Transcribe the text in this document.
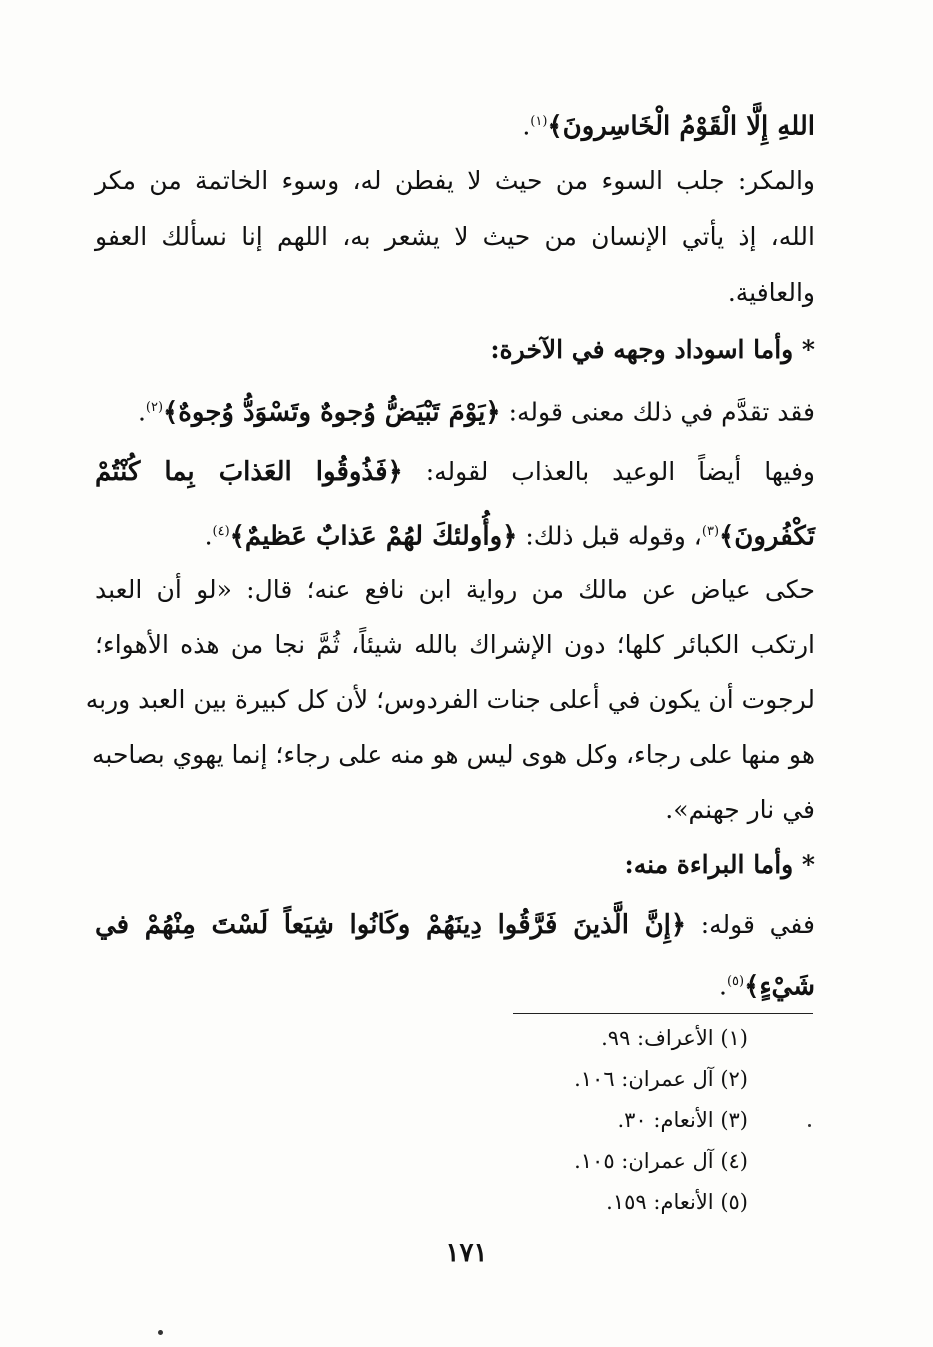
اللهِ إِلَّا الْقَوْمُ الْخَاسِرونَ﴾$^{(١)}$.
والمكر: جلب السوء من حيث لا يفطن له، وسوء الخاتمة من مكر
الله، إذ يأتي الإنسان من حيث لا يشعر به، اللهم إنا نسألك العفو
والعافية.
* وأما اسوداد وجهه في الآخرة:
فقد تقدَّم في ذلك معنى قوله: ﴿يَوْمَ تَبْيَضُّ وُجوهٌ وتَسْوَدُّ وُجوهٌ﴾$^{(٢)}$.
وفيها أيضاً الوعيد بالعذاب لقوله: ﴿فَذُوقُوا العَذابَ بِما كُنْتُمْ
تَكْفُرونَ﴾$^{(٣)}$، وقوله قبل ذلك: ﴿وأُولئكَ لهُمْ عَذابٌ عَظيمٌ﴾$^{(٤)}$.
حكى عياض عن مالك من رواية ابن نافع عنه؛ قال: «لو أن العبد
ارتكب الكبائر كلها؛ دون الإشراك بالله شيئاً، ثُمَّ نجا من هذه الأهواء؛
لرجوت أن يكون في أعلى جنات الفردوس؛ لأن كل كبيرة بين العبد وربه
هو منها على رجاء، وكل هوى ليس هو منه على رجاء؛ إنما يهوي بصاحبه
في نار جهنم».
* وأما البراءة منه:
ففي قوله: ﴿إِنَّ الَّذينَ فَرَّقُوا دِينَهُمْ وكَانُوا شِيَعاً لَسْتَ مِنْهُمْ في
شَيْءٍ﴾$^{(٥)}$.
(١) الأعراف: ٩٩.
(٢) آل عمران: ١٠٦.
(٣) الأنعام: ٣٠.
(٤) آل عمران: ١٠٥.
(٥) الأنعام: ١٥٩.
١٧١
